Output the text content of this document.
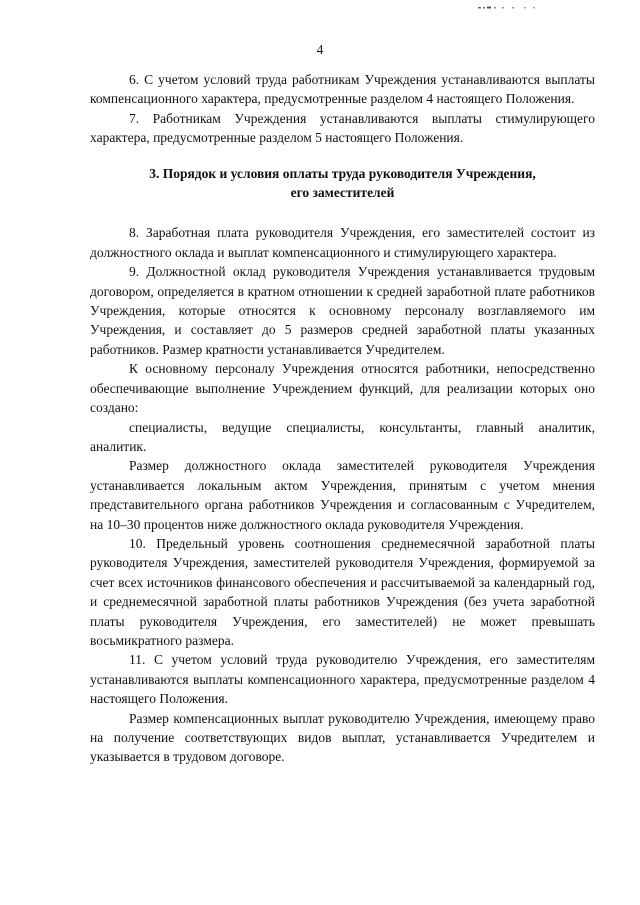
4

6. С учетом условий труда работникам Учреждения устанавливаются выплаты компенсационного характера, предусмотренные разделом 4 настоящего Положения.

7. Работникам Учреждения устанавливаются выплаты стимулирующего характера, предусмотренные разделом 5 настоящего Положения.

3. Порядок и условия оплаты труда руководителя Учреждения,
его заместителей

8. Заработная плата руководителя Учреждения, его заместителей состоит из должностного оклада и выплат компенсационного и стимулирующего характера.

9. Должностной оклад руководителя Учреждения устанавливается трудовым договором, определяется в кратном отношении к средней заработной плате работников Учреждения, которые относятся к основному персоналу возглавляемого им Учреждения, и составляет до 5 размеров средней заработной платы указанных работников. Размер кратности устанавливается Учредителем.

К основному персоналу Учреждения относятся работники, непосредственно обеспечивающие выполнение Учреждением функций, для реализации которых оно создано:

специалисты, ведущие специалисты, консультанты, главный аналитик, аналитик.

Размер должностного оклада заместителей руководителя Учреждения устанавливается локальным актом Учреждения, принятым с учетом мнения представительного органа работников Учреждения и согласованным с Учредителем, на 10–30 процентов ниже должностного оклада руководителя Учреждения.

10. Предельный уровень соотношения среднемесячной заработной платы руководителя Учреждения, заместителей руководителя Учреждения, формируемой за счет всех источников финансового обеспечения и рассчитываемой за календарный год, и среднемесячной заработной платы работников Учреждения (без учета заработной платы руководителя Учреждения, его заместителей) не может превышать восьмикратного размера.

11. С учетом условий труда руководителю Учреждения, его заместителям устанавливаются выплаты компенсационного характера, предусмотренные разделом 4 настоящего Положения.

Размер компенсационных выплат руководителю Учреждения, имеющему право на получение соответствующих видов выплат, устанавливается Учредителем и указывается в трудовом договоре.
